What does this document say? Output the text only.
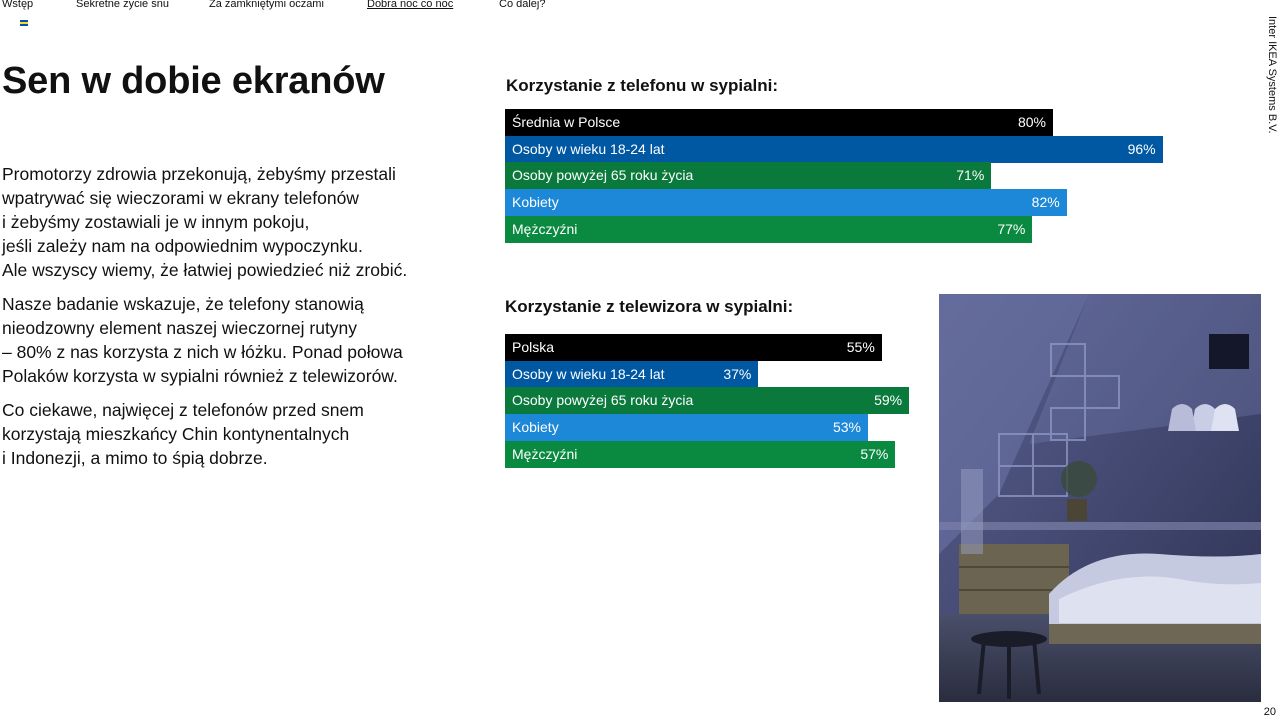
Wstęp	Sekretne życie snu	Za zamkniętymi oczami	Dobra noc co noc	Co dalej?
Inter IKEA Systems B.V.
20
Sen w dobie ekranów

Promotorzy zdrowia przekonują, żebyśmy przestali
wpatrywać się wieczorami w ekrany telefonów
i żebyśmy zostawiali je w innym pokoju,
jeśli zależy nam na odpowiednim wypoczynku.
Ale wszyscy wiemy, że łatwiej powiedzieć niż zrobić.

Nasze badanie wskazuje, że telefony stanowią
nieodzowny element naszej wieczornej rutyny
– 80% z nas korzysta z nich w łóżku. Ponad połowa
Polaków korzysta w sypialni również z telewizorów.

Co ciekawe, najwięcej z telefonów przed snem
korzystają mieszkańcy Chin kontynentalnych
i Indonezji, a mimo to śpią dobrze.

Korzystanie z telefonu w sypialni:
Średnia w Polsce	80%
Osoby w wieku 18-24 lat	96%
Osoby powyżej 65 roku życia	71%
Kobiety	82%
Mężczyźni	77%
Korzystanie z telewizora w sypialni:
Polska	55%
Osoby w wieku 18-24 lat	37%
Osoby powyżej 65 roku życia	59%
Kobiety	53%
Mężczyźni	57%
